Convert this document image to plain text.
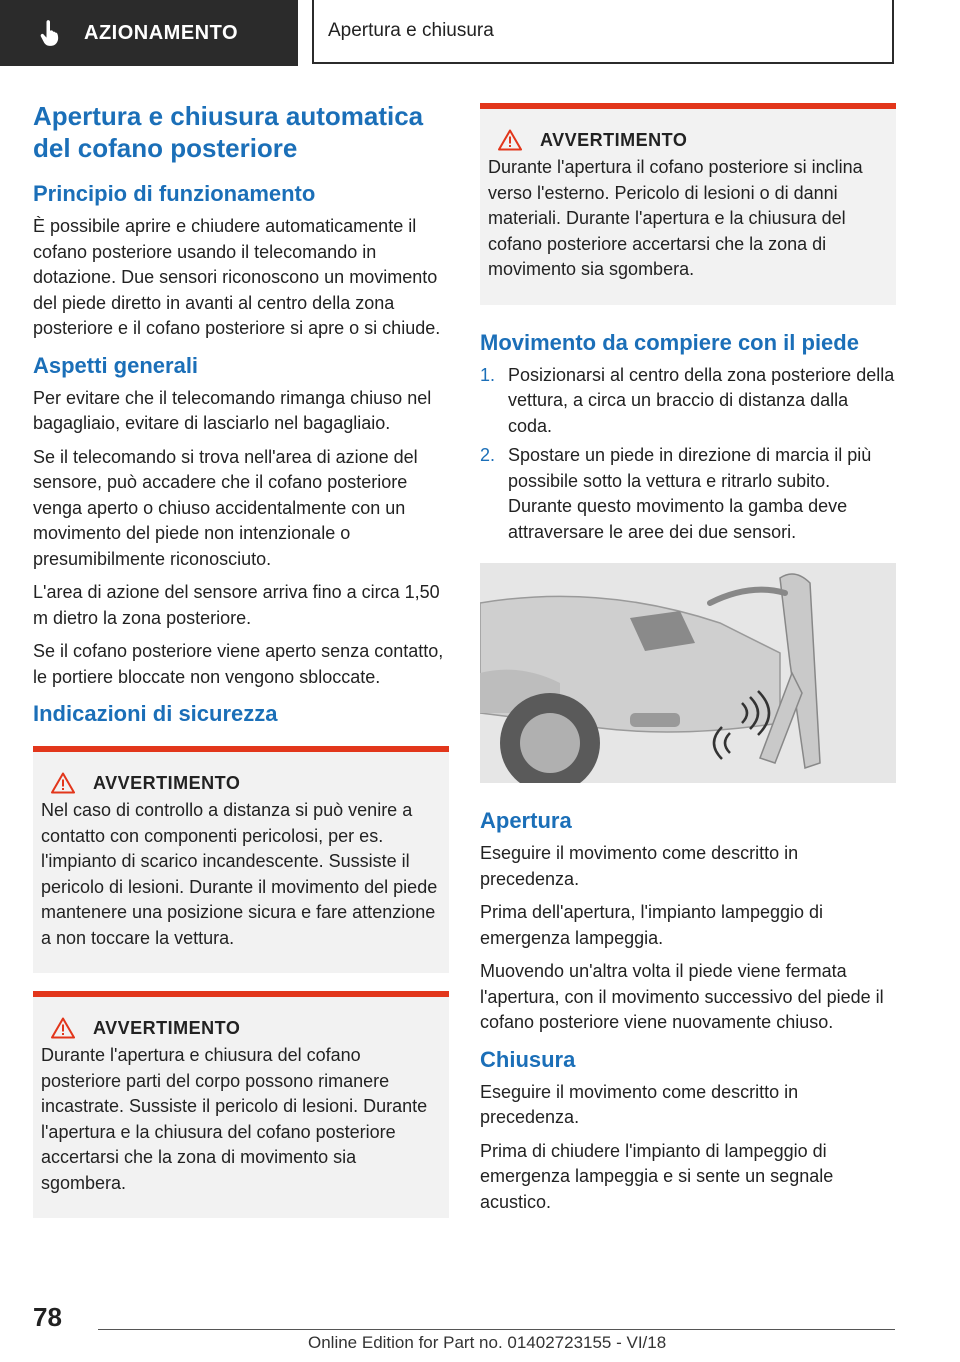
AZIONAMENTO	Apertura e chiusura
Apertura e chiusura automatica del cofano posteriore
Principio di funzionamento

È possibile aprire e chiudere automaticamente il cofano posteriore usando il telecomando in dotazione. Due sensori riconoscono un movimento del piede diretto in avanti al centro della zona posteriore e il cofano posteriore si apre o si chiude.

Aspetti generali

Per evitare che il telecomando rimanga chiuso nel bagagliaio, evitare di lasciarlo nel bagagliaio.

Se il telecomando si trova nell'area di azione del sensore, può accadere che il cofano posteriore venga aperto o chiuso accidentalmente con un movimento del piede non intenzionale o presumibilmente riconosciuto.

L'area di azione del sensore arriva fino a circa 1,50 m dietro la zona posteriore.

Se il cofano posteriore viene aperto senza contatto, le portiere bloccate non vengono sbloccate.

Indicazioni di sicurezza
AVVERTIMENTO

Nel caso di controllo a distanza si può venire a contatto con componenti pericolosi, per es. l'impianto di scarico incandescente. Sussiste il pericolo di lesioni. Durante il movimento del piede mantenere una posizione sicura e fare attenzione a non toccare la vettura.

AVVERTIMENTO

Durante l'apertura e chiusura del cofano posteriore parti del corpo possono rimanere incastrate. Sussiste il pericolo di lesioni. Durante l'apertura e la chiusura del cofano posteriore accertarsi che la zona di movimento sia sgombera.

AVVERTIMENTO

Durante l'apertura il cofano posteriore si inclina verso l'esterno. Pericolo di lesioni o di danni materiali. Durante l'apertura e la chiusura del cofano posteriore accertarsi che la zona di movimento sia sgombera.

Movimento da compiere con il piede
1. Posizionarsi al centro della zona posteriore della vettura, a circa un braccio di distanza dalla coda.
2. Spostare un piede in direzione di marcia il più possibile sotto la vettura e ritrarlo subito. Durante questo movimento la gamba deve attraversare le aree dei due sensori.
Apertura

Eseguire il movimento come descritto in precedenza.

Prima dell'apertura, l'impianto lampeggio di emergenza lampeggia.

Muovendo un'altra volta il piede viene fermata l'apertura, con il movimento successivo del piede il cofano posteriore viene nuovamente chiuso.

Chiusura

Eseguire il movimento come descritto in precedenza.

Prima di chiudere l'impianto di lampeggio di emergenza lampeggia e si sente un segnale acustico.

78
Online Edition for Part no. 01402723155 - VI/18
